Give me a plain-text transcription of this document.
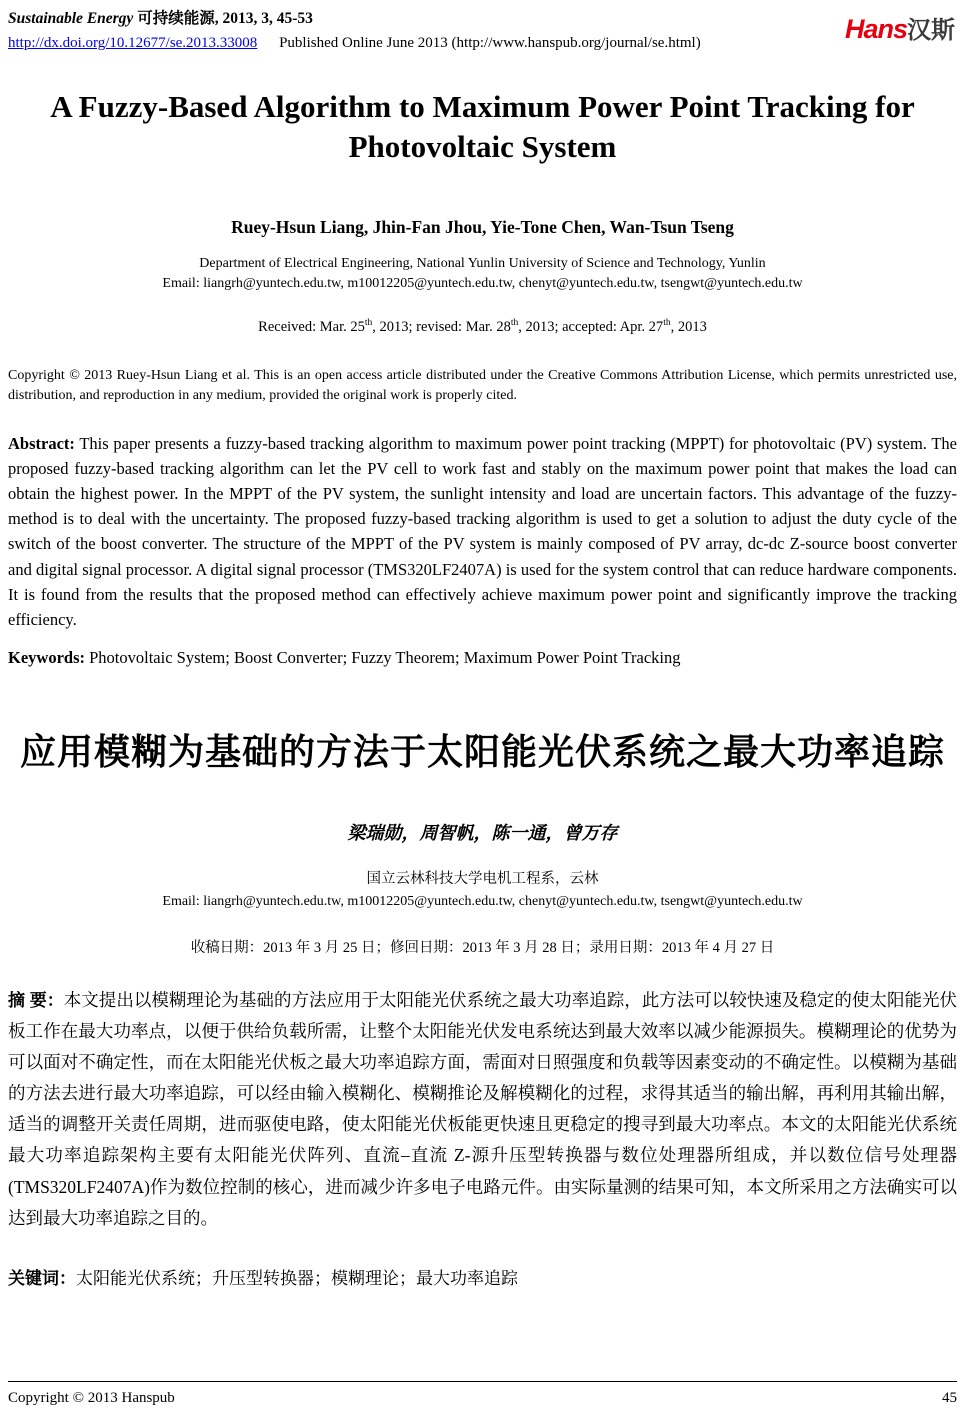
Sustainable Energy 可持续能源, 2013, 3, 45-53
http://dx.doi.org/10.12677/se.2013.33008 Published Online June 2013 (http://www.hanspub.org/journal/se.html)	Hans汉斯
A Fuzzy-Based Algorithm to Maximum Power Point Tracking for Photovoltaic System
Ruey-Hsun Liang, Jhin-Fan Jhou, Yie-Tone Chen, Wan-Tsun Tseng
Department of Electrical Engineering, National Yunlin University of Science and Technology, Yunlin
Email: liangrh@yuntech.edu.tw, m10012205@yuntech.edu.tw, chenyt@yuntech.edu.tw, tsengwt@yuntech.edu.tw
Received: Mar. 25th, 2013; revised: Mar. 28th, 2013; accepted: Apr. 27th, 2013

Copyright © 2013 Ruey-Hsun Liang et al. This is an open access article distributed under the Creative Commons Attribution License, which permits unrestricted use, distribution, and reproduction in any medium, provided the original work is properly cited.

Abstract: This paper presents a fuzzy-based tracking algorithm to maximum power point tracking (MPPT) for photovoltaic (PV) system. The proposed fuzzy-based tracking algorithm can let the PV cell to work fast and stably on the maximum power point that makes the load can obtain the highest power. In the MPPT of the PV system, the sunlight intensity and load are uncertain factors. This advantage of the fuzzy-method is to deal with the uncertainty. The proposed fuzzy-based tracking algorithm is used to get a solution to adjust the duty cycle of the switch of the boost converter. The structure of the MPPT of the PV system is mainly composed of PV array, dc-dc Z-source boost converter and digital signal processor. A digital signal processor (TMS320LF2407A) is used for the system control that can reduce hardware components. It is found from the results that the proposed method can effectively achieve maximum power point and significantly improve the tracking efficiency.

Keywords: Photovoltaic System; Boost Converter; Fuzzy Theorem; Maximum Power Point Tracking

应用模糊为基础的方法于太阳能光伏系统之最大功率追踪
梁瑞勋，周智帆，陈一通，曾万存
国立云林科技大学电机工程系，云林
Email: liangrh@yuntech.edu.tw, m10012205@yuntech.edu.tw, chenyt@yuntech.edu.tw, tsengwt@yuntech.edu.tw
收稿日期：2013 年 3 月 25 日；修回日期：2013 年 3 月 28 日；录用日期：2013 年 4 月 27 日

摘 要：本文提出以模糊理论为基础的方法应用于太阳能光伏系统之最大功率追踪，此方法可以较快速及稳定的使太阳能光伏板工作在最大功率点，以便于供给负载所需，让整个太阳能光伏发电系统达到最大效率以减少能源损失。模糊理论的优势为可以面对不确定性，而在太阳能光伏板之最大功率追踪方面，需面对日照强度和负载等因素变动的不确定性。以模糊为基础的方法去进行最大功率追踪，可以经由输入模糊化、模糊推论及解模糊化的过程，求得其适当的输出解，再利用其输出解，适当的调整开关责任周期，进而驱使电路，使太阳能光伏板能更快速且更稳定的搜寻到最大功率点。本文的太阳能光伏系统最大功率追踪架构主要有太阳能光伏阵列、直流–直流 Z-源升压型转换器与数位处理器所组成，并以数位信号处理器(TMS320LF2407A)作为数位控制的核心，进而减少许多电子电路元件。由实际量测的结果可知，本文所采用之方法确实可以达到最大功率追踪之目的。

关键词：太阳能光伏系统；升压型转换器；模糊理论；最大功率追踪

Copyright © 2013 Hanspub	45
